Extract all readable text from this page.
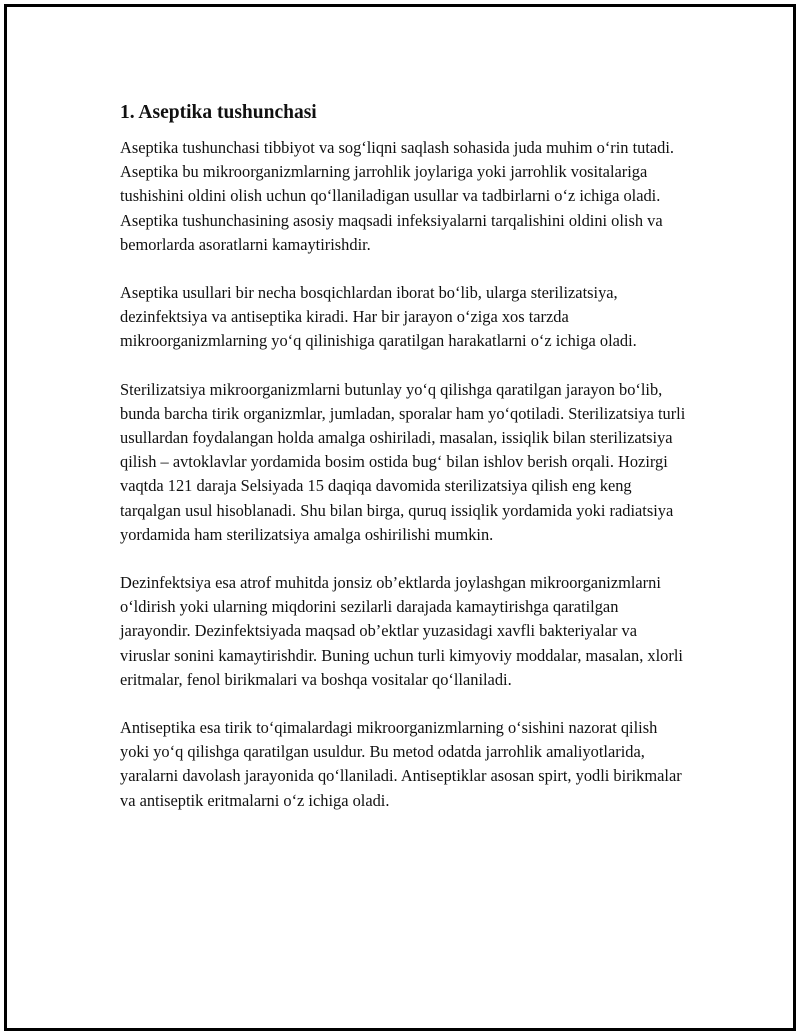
1. Aseptika tushunchasi

Aseptika tushunchasi tibbiyot va sog‘liqni saqlash sohasida juda muhim o‘rin tutadi. Aseptika bu mikroorganizmlarning jarrohlik joylariga yoki jarrohlik vositalariga tushishini oldini olish uchun qo‘llaniladigan usullar va tadbirlarni o‘z ichiga oladi. Aseptika tushunchasining asosiy maqsadi infeksiyalarni tarqalishini oldini olish va bemorlarda asoratlarni kamaytirishdir.

Aseptika usullari bir necha bosqichlardan iborat bo‘lib, ularga sterilizatsiya, dezinfektsiya va antiseptika kiradi. Har bir jarayon o‘ziga xos tarzda mikroorganizmlarning yo‘q qilinishiga qaratilgan harakatlarni o‘z ichiga oladi.

Sterilizatsiya mikroorganizmlarni butunlay yo‘q qilishga qaratilgan jarayon bo‘lib, bunda barcha tirik organizmlar, jumladan, sporalar ham yo‘qotiladi. Sterilizatsiya turli usullardan foydalangan holda amalga oshiriladi, masalan, issiqlik bilan sterilizatsiya qilish – avtoklavlar yordamida bosim ostida bug‘ bilan ishlov berish orqali. Hozirgi vaqtda 121 daraja Selsiyada 15 daqiqa davomida sterilizatsiya qilish eng keng tarqalgan usul hisoblanadi. Shu bilan birga, quruq issiqlik yordamida yoki radiatsiya yordamida ham sterilizatsiya amalga oshirilishi mumkin.

Dezinfektsiya esa atrof muhitda jonsiz ob’ektlarda joylashgan mikroorganizmlarni o‘ldirish yoki ularning miqdorini sezilarli darajada kamaytirishga qaratilgan jarayondir. Dezinfektsiyada maqsad ob’ektlar yuzasidagi xavfli bakteriyalar va viruslar sonini kamaytirishdir. Buning uchun turli kimyoviy moddalar, masalan, xlorli eritmalar, fenol birikmalari va boshqa vositalar qo‘llaniladi.

Antiseptika esa tirik to‘qimalardagi mikroorganizmlarning o‘sishini nazorat qilish yoki yo‘q qilishga qaratilgan usuldur. Bu metod odatda jarrohlik amaliyotlarida, yaralarni davolash jarayonida qo‘llaniladi. Antiseptiklar asosan spirt, yodli birikmalar va antiseptik eritmalarni o‘z ichiga oladi.
